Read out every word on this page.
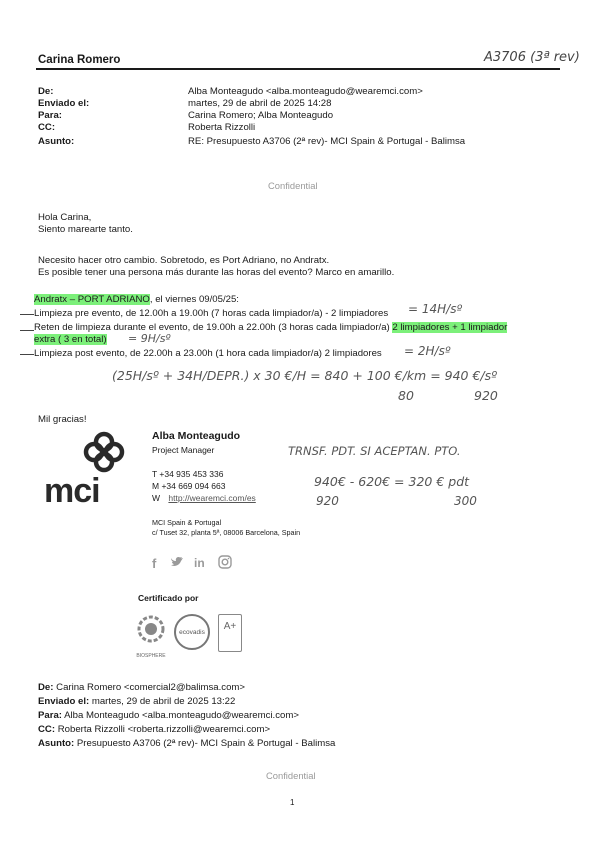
Carina Romero	A3706 (3ª rev)
De:	Alba Monteagudo <alba.monteagudo@wearemci.com>
Enviado el:	martes, 29 de abril de 2025 14:28
Para:	Carina Romero; Alba Monteagudo
CC:	Roberta Rizzolli
Asunto:	RE: Presupuesto A3706 (2ª rev)- MCI Spain & Portugal - Balimsa
Confidential
Hola Carina,
Siento marearte tanto.
Necesito hacer otro cambio. Sobretodo, es Port Adriano, no Andratx.
Es posible tener una persona más durante las horas del evento? Marco en amarillo.
Andratx – PORT ADRIANO, el viernes 09/05/25:
Limpieza pre evento, de 12.00h a 19.00h (7 horas cada limpiador/a) - 2 limpiadores = 14H/sº
Reten de limpieza durante el evento, de 19.00h a 22.00h (3 horas cada limpiador/a) 2 limpiadores + 1 limpiador
extra ( 3 en total) = 9H/sº
Limpieza post evento, de 22.00h a 23.00h (1 hora cada limpiador/a) 2 limpiadores = 2H/sº
(25H/sº + 34H/DEPR.) x 30 €/H = 840 + 100 €/km = 940 €/sº
80	920
Mil gracias!
mci
Alba Monteagudo
Project Manager
T +34 935 453 336
M +34 669 094 663
W http://wearemci.com/es
MCI Spain & Portugal
c/ Tuset 32, planta 5ª, 08006 Barcelona, Spain
f	in
Certificado por
BIOSPHERE
ecovadis
A+
TRNSF. PDT. SI ACEPTAN. PTO.
940€ - 620€ = 320 € pdt
920	300
De: Carina Romero <comercial2@balimsa.com>
Enviado el: martes, 29 de abril de 2025 13:22
Para: Alba Monteagudo <alba.monteagudo@wearemci.com>
CC: Roberta Rizzolli <roberta.rizzolli@wearemci.com>
Asunto: Presupuesto A3706 (2ª rev)- MCI Spain & Portugal - Balimsa
Confidential
1
